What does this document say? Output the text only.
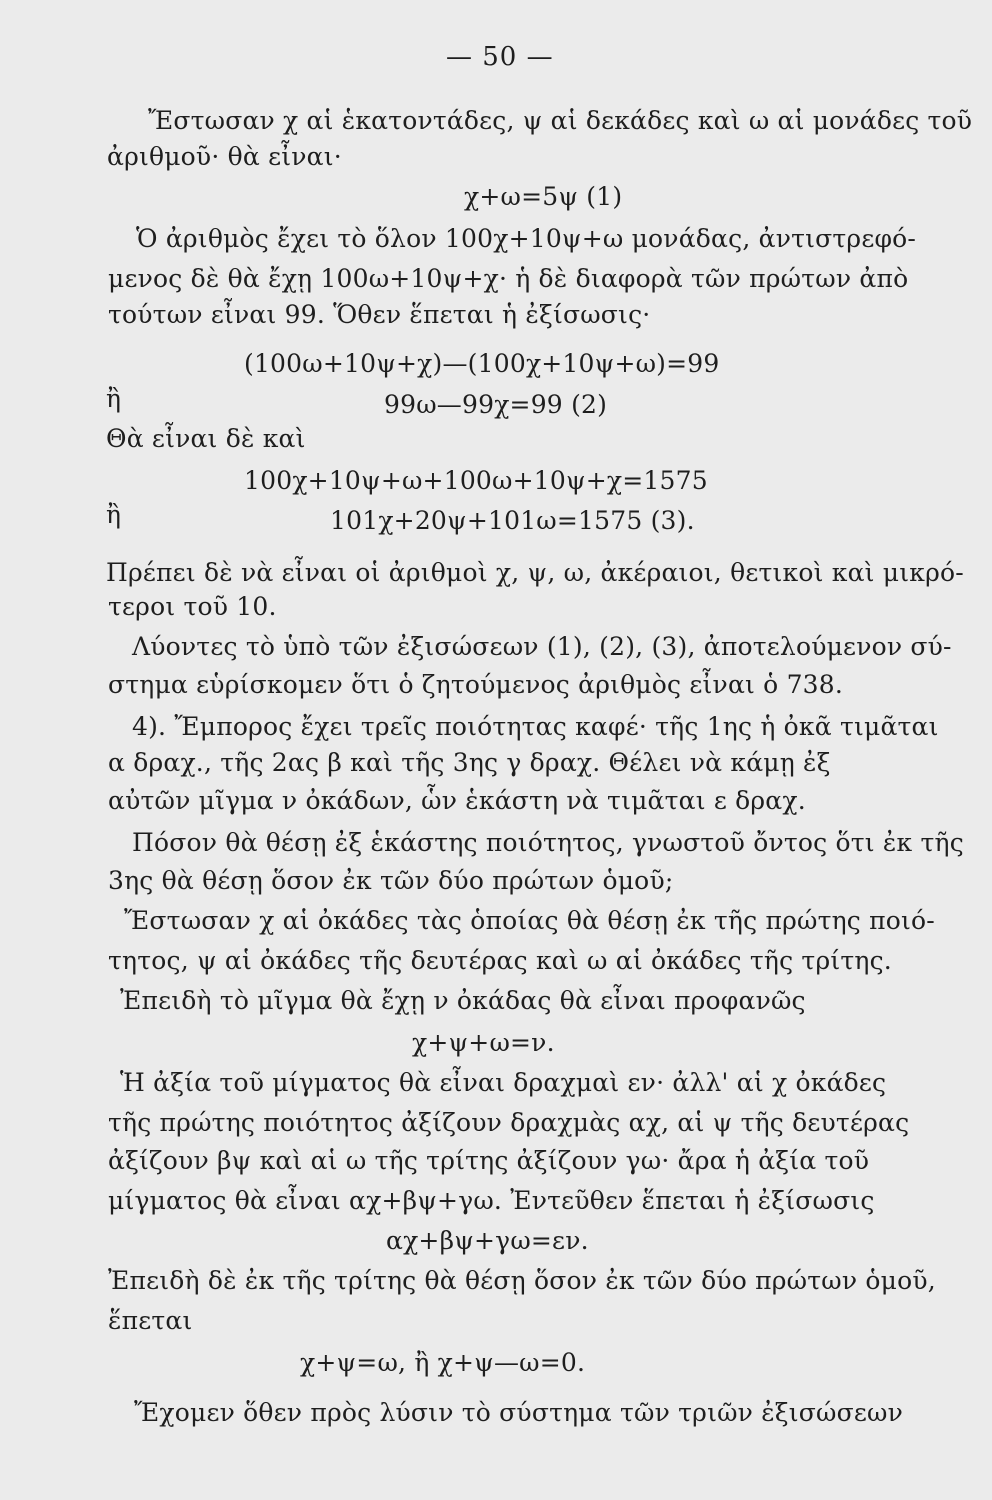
— 50 —
Ἔστωσαν χ αἱ ἑκατοντάδες, ψ αἱ δεκάδες καὶ ω αἱ μονάδες τοῦ
ἀριθμοῦ· θὰ εἶναι·
χ+ω=5ψ (1)
Ὁ ἀριθμὸς ἔχει τὸ ὅλον 100χ+10ψ+ω μονάδας, ἀντιστρεφό-
μενος δὲ θὰ ἔχῃ 100ω+10ψ+χ· ἡ δὲ διαφορὰ τῶν πρώτων ἀπὸ
τούτων εἶναι 99. Ὅθεν ἕπεται ἡ ἐξίσωσις·
(100ω+10ψ+χ)—(100χ+10ψ+ω)=99
ἢ	99ω—99χ=99 (2)
Θὰ εἶναι δὲ καὶ
100χ+10ψ+ω+100ω+10ψ+χ=1575
ἢ	101χ+20ψ+101ω=1575 (3).
Πρέπει δὲ νὰ εἶναι οἱ ἀριθμοὶ χ, ψ, ω, ἀκέραιοι, θετικοὶ καὶ μικρό-
τεροι τοῦ 10.
Λύοντες τὸ ὑπὸ τῶν ἐξισώσεων (1), (2), (3), ἀποτελούμενον σύ-
στημα εὑρίσκομεν ὅτι ὁ ζητούμενος ἀριθμὸς εἶναι ὁ 738.
4). Ἔμπορος ἔχει τρεῖς ποιότητας καφέ· τῆς 1ης ἡ ὀκᾶ τιμᾶται
α δραχ., τῆς 2ας β καὶ τῆς 3ης γ δραχ. Θέλει νὰ κάμῃ ἐξ
αὐτῶν μῖγμα ν ὀκάδων, ὧν ἑκάστη νὰ τιμᾶται ε δραχ.
Πόσον θὰ θέσῃ ἐξ ἑκάστης ποιότητος, γνωστοῦ ὄντος ὅτι ἐκ τῆς
3ης θὰ θέσῃ ὅσον ἐκ τῶν δύο πρώτων ὁμοῦ;
Ἔστωσαν χ αἱ ὀκάδες τὰς ὁποίας θὰ θέσῃ ἐκ τῆς πρώτης ποιό-
τητος, ψ αἱ ὀκάδες τῆς δευτέρας καὶ ω αἱ ὀκάδες τῆς τρίτης.
Ἐπειδὴ τὸ μῖγμα θὰ ἔχῃ ν ὀκάδας θὰ εἶναι προφανῶς
χ+ψ+ω=ν.
Ἡ ἀξία τοῦ μίγματος θὰ εἶναι δραχμαὶ εν· ἀλλ' αἱ χ ὀκάδες
τῆς πρώτης ποιότητος ἀξίζουν δραχμὰς αχ, αἱ ψ τῆς δευτέρας
ἀξίζουν βψ καὶ αἱ ω τῆς τρίτης ἀξίζουν γω· ἄρα ἡ ἀξία τοῦ
μίγματος θὰ εἶναι αχ+βψ+γω. Ἐντεῦθεν ἕπεται ἡ ἐξίσωσις
αχ+βψ+γω=εν.
Ἐπειδὴ δὲ ἐκ τῆς τρίτης θὰ θέσῃ ὅσον ἐκ τῶν δύο πρώτων ὁμοῦ,
ἕπεται
χ+ψ=ω, ἢ χ+ψ—ω=0.
Ἔχομεν ὅθεν πρὸς λύσιν τὸ σύστημα τῶν τριῶν ἐξισώσεων
